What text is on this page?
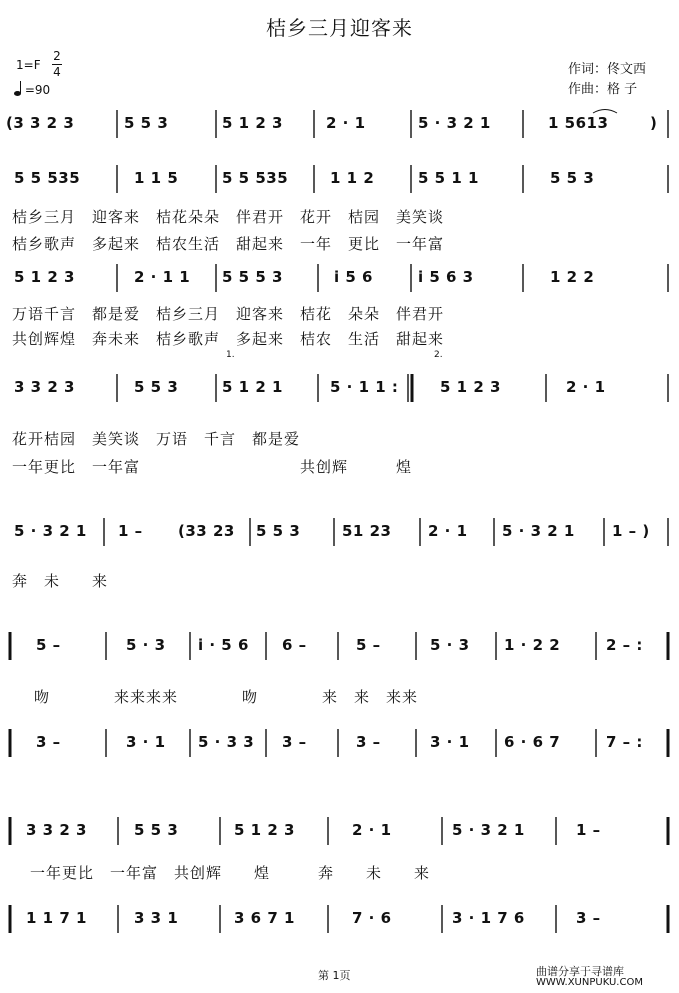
桔乡三月迎客来
1=F
2
4
=90
作词：佟文西
作曲：格 子
(3 3 2 3	5 5 3	5 1 2 3	2 · 1	5 · 3 2 1	1 5613	)
5 5 535	1 1 5	5 5 535	1 1 2	5 5 1 1	5 5 3
桔乡三月　迎客来　桔花朵朵　伴君开　花开　桔园　美笑谈
桔乡歌声　多起来　桔农生活　甜起来　一年　更比　一年富
5 1 2 3	2 · 1 1 5 5 5 3	i 5 6	i 5 6 3	1 2 2
万语千言　都是爱　桔乡三月　迎客来　桔花　朵朵　伴君开
共创辉煌　奔未来　桔乡歌声　多起来　桔农　生活　甜起来
1.	2.
3 3 2 3	5 5 3	5 1 2 1	5 · 1 1 :	5 1 2 3	2 · 1
花开桔园　美笑谈　万语　千言　都是爱
一年更比　一年富　　　　　　　　　　共创辉　　　煌
5 · 3 2 1 1 – (33 23 5 5 3	51 23 2 · 1 5 · 3 2 1 1 – )
奔　未　　来
5 –	5 · 3 i · 5 6 6 –	5 –	5 · 3 1 · 2 2	2 – :
吻　　　　来来来来　　　　吻　　　　来　来　来来
3 –	3 · 1 5 · 3 3 3 –	3 –	3 · 1 6 · 6 7	7 – :
3 3 2 3	5 5 3	5 1 2 3	2 · 1	5 · 3 2 1	1 –
一年更比　一年富　共创辉　　煌　　　奔　　未　　来
1 1 7 1	3 3 1	3 6 7 1	7 · 6	3 · 1 7 6	3 –
第 1页	曲谱分享于寻谱库
WWW.XUNPUKU.COM
